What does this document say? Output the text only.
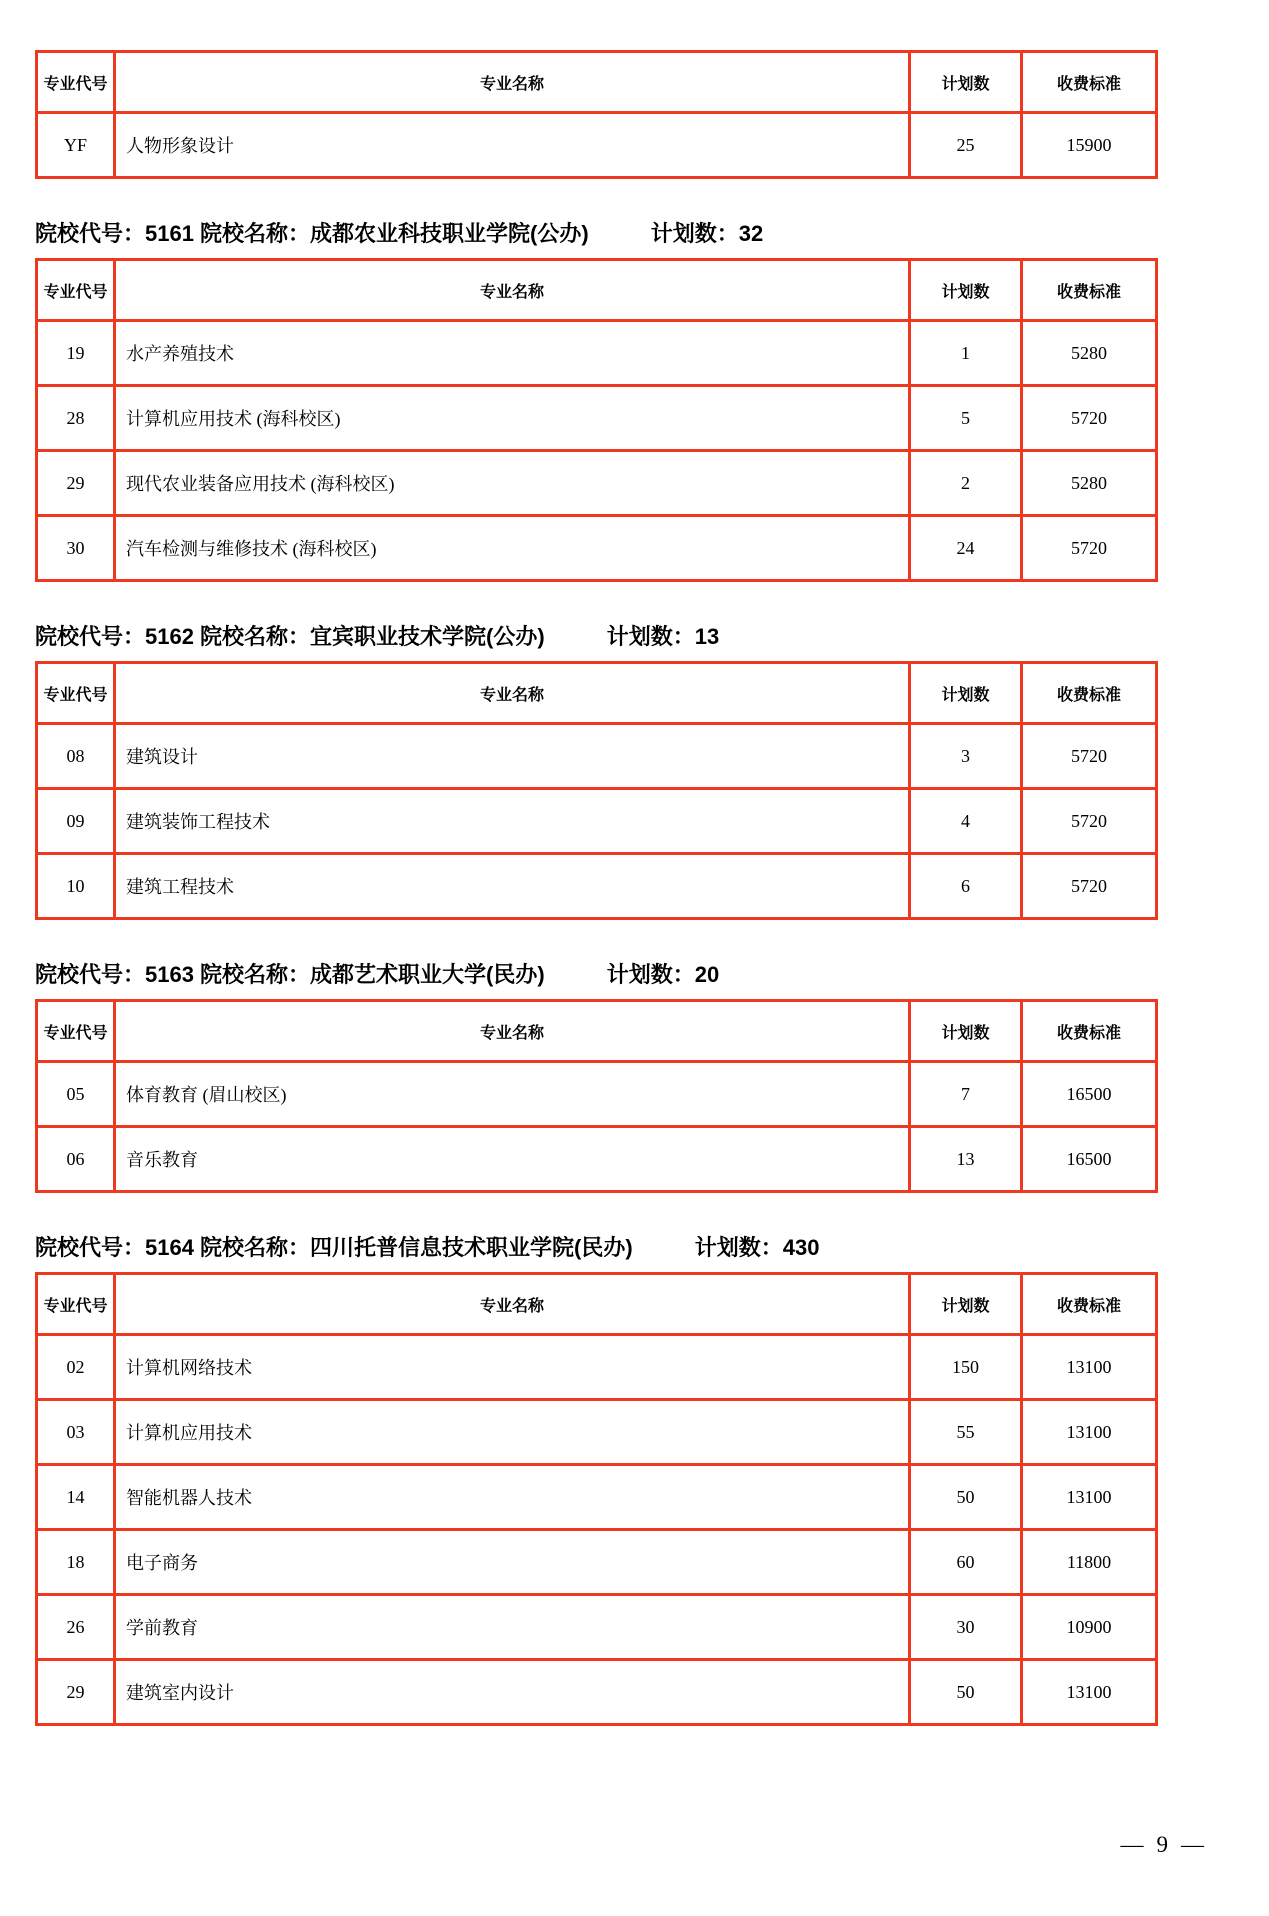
专业代号	专业名称	计划数	收费标准
YF	人物形象设计	25	15900
院校代号：5161 院校名称：成都农业科技职业学院(公办)	计划数：32
专业代号	专业名称	计划数	收费标准
19	水产养殖技术	1	5280
28	计算机应用技术 (海科校区)	5	5720
29	现代农业装备应用技术 (海科校区)	2	5280
30	汽车检测与维修技术 (海科校区)	24	5720
院校代号：5162 院校名称：宜宾职业技术学院(公办)	计划数：13
专业代号	专业名称	计划数	收费标准
08	建筑设计	3	5720
09	建筑装饰工程技术	4	5720
10	建筑工程技术	6	5720
院校代号：5163 院校名称：成都艺术职业大学(民办)	计划数：20
专业代号	专业名称	计划数	收费标准
05	体育教育 (眉山校区)	7	16500
06	音乐教育	13	16500
院校代号：5164 院校名称：四川托普信息技术职业学院(民办)	计划数：430
专业代号	专业名称	计划数	收费标准
02	计算机网络技术	150	13100
03	计算机应用技术	55	13100
14	智能机器人技术	50	13100
18	电子商务	60	11800
26	学前教育	30	10900
29	建筑室内设计	50	13100
— 9 —
